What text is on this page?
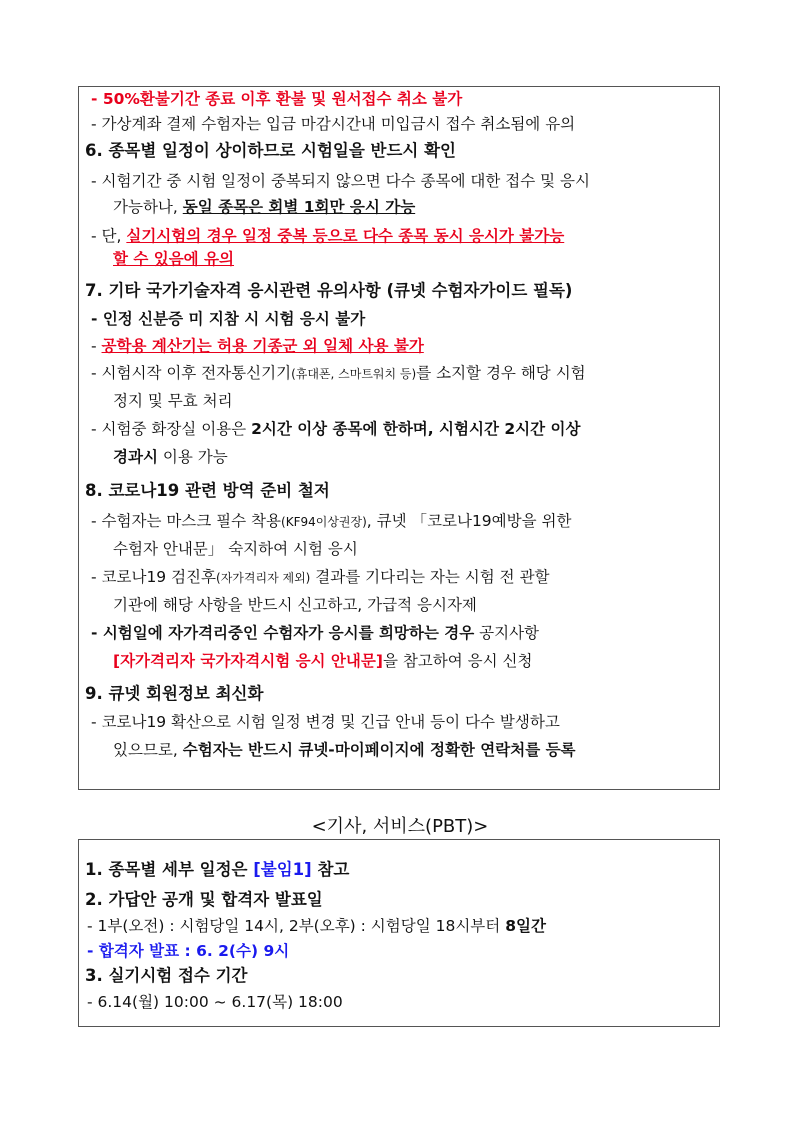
- 50%환불기간 종료 이후 환불 및 원서접수 취소 불가
- 가상계좌 결제 수험자는 입금 마감시간내 미입금시 접수 취소됨에 유의
6. 종목별 일정이 상이하므로 시험일을 반드시 확인
- 시험기간 중 시험 일정이 중복되지 않으면 다수 종목에 대한 접수 및 응시
가능하나, 동일 종목은 회별 1회만 응시 가능
- 단, 실기시험의 경우 일정 중복 등으로 다수 종목 동시 응시가 불가능
할 수 있음에 유의
7. 기타 국가기술자격 응시관련 유의사항 (큐넷 수험자가이드 필독)
- 인정 신분증 미 지참 시 시험 응시 불가
- 공학용 계산기는 허용 기종군 외 일체 사용 불가
- 시험시작 이후 전자통신기기(휴대폰, 스마트워치 등)를 소지할 경우 해당 시험
정지 및 무효 처리
- 시험중 화장실 이용은 2시간 이상 종목에 한하며, 시험시간 2시간 이상
경과시 이용 가능
8. 코로나19 관련 방역 준비 철저
- 수험자는 마스크 필수 착용(KF94이상권장), 큐넷 「코로나19예방을 위한
수험자 안내문」 숙지하여 시험 응시
- 코로나19 검진후(자가격리자 제외) 결과를 기다리는 자는 시험 전 관할
기관에 해당 사항을 반드시 신고하고, 가급적 응시자제
- 시험일에 자가격리중인 수험자가 응시를 희망하는 경우 공지사항
[자가격리자 국가자격시험 응시 안내문]을 참고하여 응시 신청
9. 큐넷 회원정보 최신화
- 코로나19 확산으로 시험 일정 변경 및 긴급 안내 등이 다수 발생하고
있으므로, 수험자는 반드시 큐넷-마이페이지에 정확한 연락처를 등록
<기사, 서비스(PBT)>
1. 종목별 세부 일정은 [붙임1] 참고
2. 가답안 공개 및 합격자 발표일
- 1부(오전) : 시험당일 14시, 2부(오후) : 시험당일 18시부터 8일간
- 합격자 발표 : 6. 2(수) 9시
3. 실기시험 접수 기간
- 6.14(월) 10:00 ~ 6.17(목) 18:00
